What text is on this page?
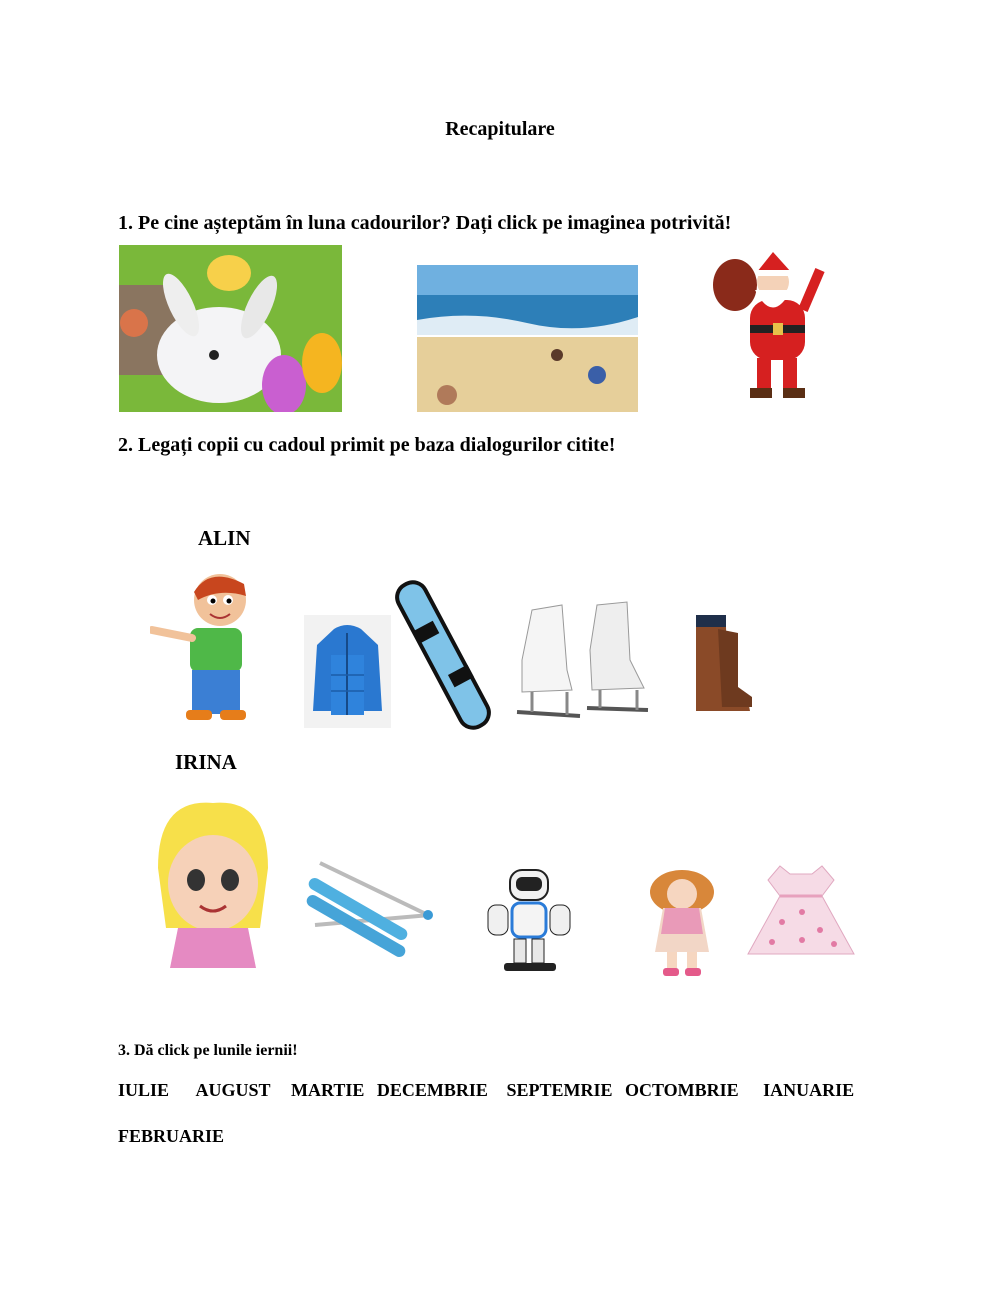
Recapitulare
1. Pe cine așteptăm în luna cadourilor? Dați click pe imaginea potrivită!
2. Legați copii cu cadoul primit pe baza dialogurilor citite!
ALIN
IRINA
3. Dă click pe lunile iernii!
IULIE AUGUST MARTIE DECEMBRIE SEPTEMRIE OCTOMBRIE IANUARIE
FEBRUARIE
